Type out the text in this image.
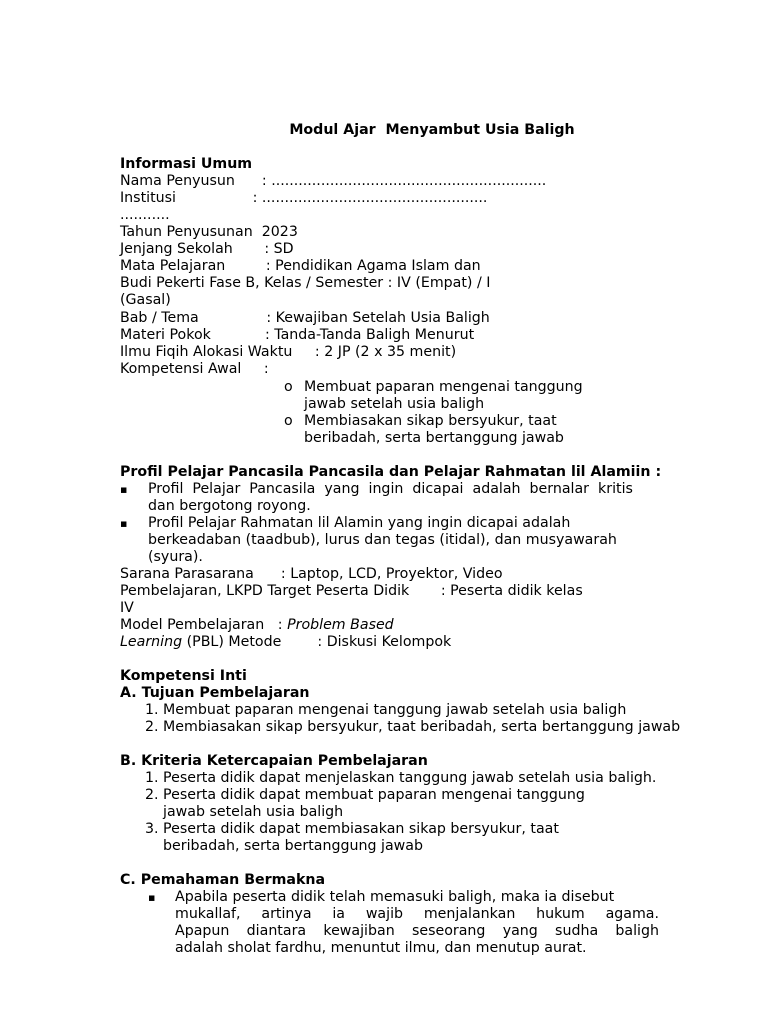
Modul Ajar  Menyambut Usia Baligh
Informasi Umum
Nama Penyusun      : .............................................................
Institusi                 : ..................................................
...........
Tahun Penyusunan  2023
Jenjang Sekolah       : SD
Mata Pelajaran         : Pendidikan Agama Islam dan
Budi Pekerti Fase B, Kelas / Semester : IV (Empat) / I
(Gasal)
Bab / Tema               : Kewajiban Setelah Usia Baligh
Materi Pokok            : Tanda-Tanda Baligh Menurut
Ilmu Fiqih Alokasi Waktu     : 2 JP (2 x 35 menit)
Kompetensi Awal     :
o Membuat paparan mengenai tanggung
jawab setelah usia baligh
o Membiasakan sikap bersyukur, taat
beribadah, serta bertanggung jawab
Profil Pelajar Pancasila Pancasila dan Pelajar Rahmatan lil Alamiin :
▪ Profil  Pelajar  Pancasila  yang  ingin  dicapai  adalah  bernalar  kritis
dan bergotong royong.
▪ Profil Pelajar Rahmatan lil Alamin yang ingin dicapai adalah
berkeadaban (taadbub), lurus dan tegas (itidal), dan musyawarah
(syura).
Sarana Parasarana      : Laptop, LCD, Proyektor, Video
Pembelajaran, LKPD Target Peserta Didik       : Peserta didik kelas
IV
Model Pembelajaran   : Problem Based
Learning (PBL) Metode        : Diskusi Kelompok
Kompetensi Inti
A. Tujuan Pembelajaran
1. Membuat paparan mengenai tanggung jawab setelah usia baligh
2. Membiasakan sikap bersyukur, taat beribadah, serta bertanggung jawab
B. Kriteria Ketercapaian Pembelajaran
1. Peserta didik dapat menjelaskan tanggung jawab setelah usia baligh.
2. Peserta didik dapat membuat paparan mengenai tanggung
jawab setelah usia baligh
3. Peserta didik dapat membiasakan sikap bersyukur, taat
beribadah, serta bertanggung jawab
C. Pemahaman Bermakna
▪ Apabila peserta didik telah memasuki baligh, maka ia disebut
mukallaf, artinya ia wajib menjalankan hukum agama.
Apapun diantara kewajiban seseorang yang sudha baligh
adalah sholat fardhu, menuntut ilmu, dan menutup aurat.
